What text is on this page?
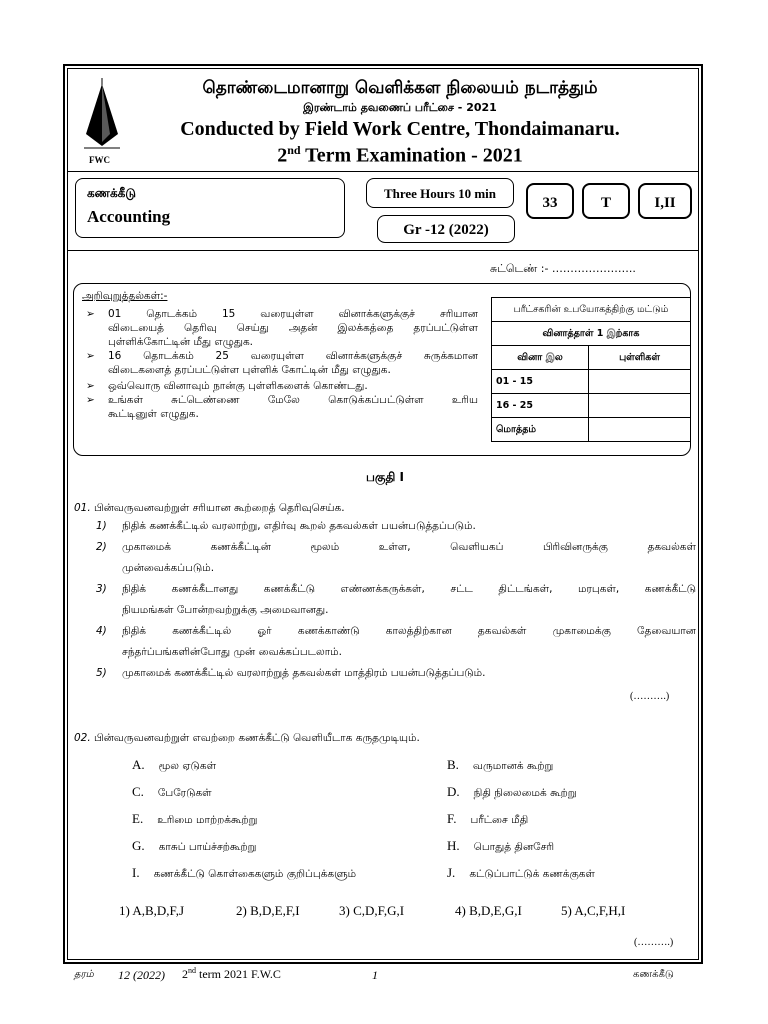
FWC
தொண்டைமானாறு வெளிக்கள நிலையம் நடாத்தும்
இரண்டாம் தவணைப் பரீட்சை - 2021
Conducted by Field Work Centre, Thondaimanaru.
2nd Term Examination - 2021
கணக்கீடு
Accounting
Three Hours 10 min
Gr -12 (2022)
33	T	I,II
சுட்டெண் :- …………………..
அறிவுறுத்தல்கள்:-
➢ 01 தொடக்கம் 15 வரையுள்ள வினாக்களுக்குச் சரியான
விடையைத் தெரிவு செய்து அதன் இலக்கத்தை தரப்பட்டுள்ள
புள்ளிக்கோட்டின் மீது எழுதுக.
➢ 16 தொடக்கம் 25 வரையுள்ள வினாக்களுக்குச் சுருக்கமான
விடைகளைத் தரப்பட்டுள்ள புள்ளிக் கோட்டின் மீது எழுதுக.
➢ ஒவ்வொரு வினாவும் நான்கு புள்ளிகளைக் கொண்டது.
➢ உங்கள் சுட்டெண்ணை மேலே கொடுக்கப்பட்டுள்ள உரிய
கூட்டினுள் எழுதுக.
பரீட்சகரின் உபயோகத்திற்கு மட்டும்	
வினாத்தாள் 1 இற்காக	
வினா இல	புள்ளிகள்
01 - 15	
16 - 25	
மொத்தம்	
பகுதி I
01. பின்வருவனவற்றுள் சரியான கூற்றைத் தெரிவுசெய்க.
1) நிதிக் கணக்கீட்டில் வரலாற்று, எதிர்வு கூறல் தகவல்கள் பயன்படுத்தப்படும்.
2) முகாமைக் கணக்கீட்டின் மூலம் உள்ள, வெளியகப் பிரிவினருக்கு தகவல்கள்
முன்வைக்கப்படும்.
3) நிதிக் கணக்கீடானது கணக்கீட்டு எண்ணக்கருக்கள், சட்ட திட்டங்கள், மரபுகள், கணக்கீட்டு
நியமங்கள் போன்றவற்றுக்கு அமைவானது.
4) நிதிக் கணக்கீட்டில் ஓர் கணக்காண்டு காலத்திற்கான தகவல்கள் முகாமைக்கு தேவையான
சந்தர்ப்பங்களின்போது முன் வைக்கப்படலாம்.
5) முகாமைக் கணக்கீட்டில் வரலாற்றுத் தகவல்கள் மாத்திரம் பயன்படுத்தப்படும்.
(……….)
02. பின்வருவனவற்றுள் எவற்றை கணக்கீட்டு வெளியீடாக கருதமுடியும்.
A. மூல ஏடுகள்
C. பேரேடுகள்
E. உரிமை மாற்றக்கூற்று
G. காசுப் பாய்ச்சற்கூற்று
I. கணக்கீட்டு கொள்கைகளும் குறிப்புக்களும்
B. வருமானக் கூற்று
D. நிதி நிலைமைக் கூற்று
F. பரீட்சை மீதி
H. பொதுத் தினசேரி
J. கட்டுப்பாட்டுக் கணக்குகள்
1) A,B,D,F,J	2) B,D,E,F,I	3) C,D,F,G,I	4) B,D,E,G,I	5) A,C,F,H,I
(……….)
தரம் 12 (2022) 2nd term 2021 F.W.C	1	கணக்கீடு
